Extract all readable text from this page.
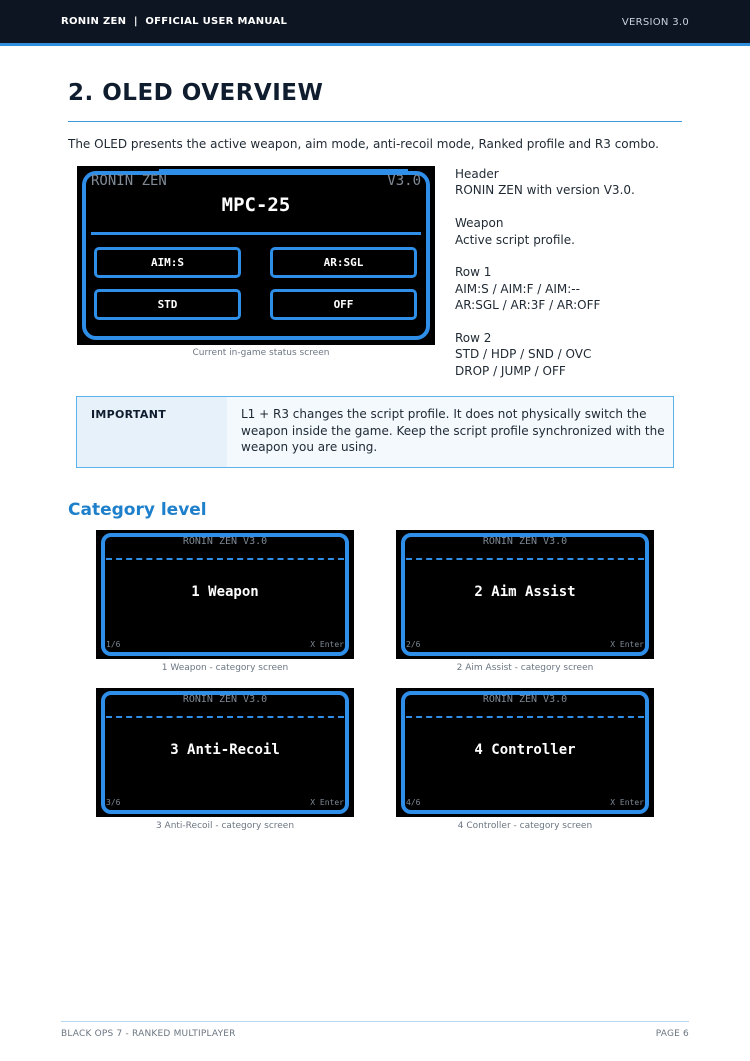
RONIN ZEN  |  OFFICIAL USER MANUAL	VERSION 3.0
2. OLED OVERVIEW
The OLED presents the active weapon, aim mode, anti-recoil mode, Ranked profile and R3 combo.
RONIN ZEN	V3.0
MPC-25
AIM:S	AR:SGL
STD	OFF
Current in-game status screen
Header
RONIN ZEN with version V3.0.
Weapon
Active script profile.
Row 1
AIM:S / AIM:F / AIM:--
AR:SGL / AR:3F / AR:OFF
Row 2
STD / HDP / SND / OVC
DROP / JUMP / OFF
IMPORTANT	L1 + R3 changes the script profile. It does not physically switch the weapon inside the game. Keep the script profile synchronized with the weapon you are using.
Category level
RONIN ZEN V3.0
1 Weapon
1/6	X Enter
1 Weapon - category screen
RONIN ZEN V3.0
2 Aim Assist
2/6	X Enter
2 Aim Assist - category screen
RONIN ZEN V3.0
3 Anti-Recoil
3/6	X Enter
3 Anti-Recoil - category screen
RONIN ZEN V3.0
4 Controller
4/6	X Enter
4 Controller - category screen
BLACK OPS 7 - RANKED MULTIPLAYER	PAGE 6
